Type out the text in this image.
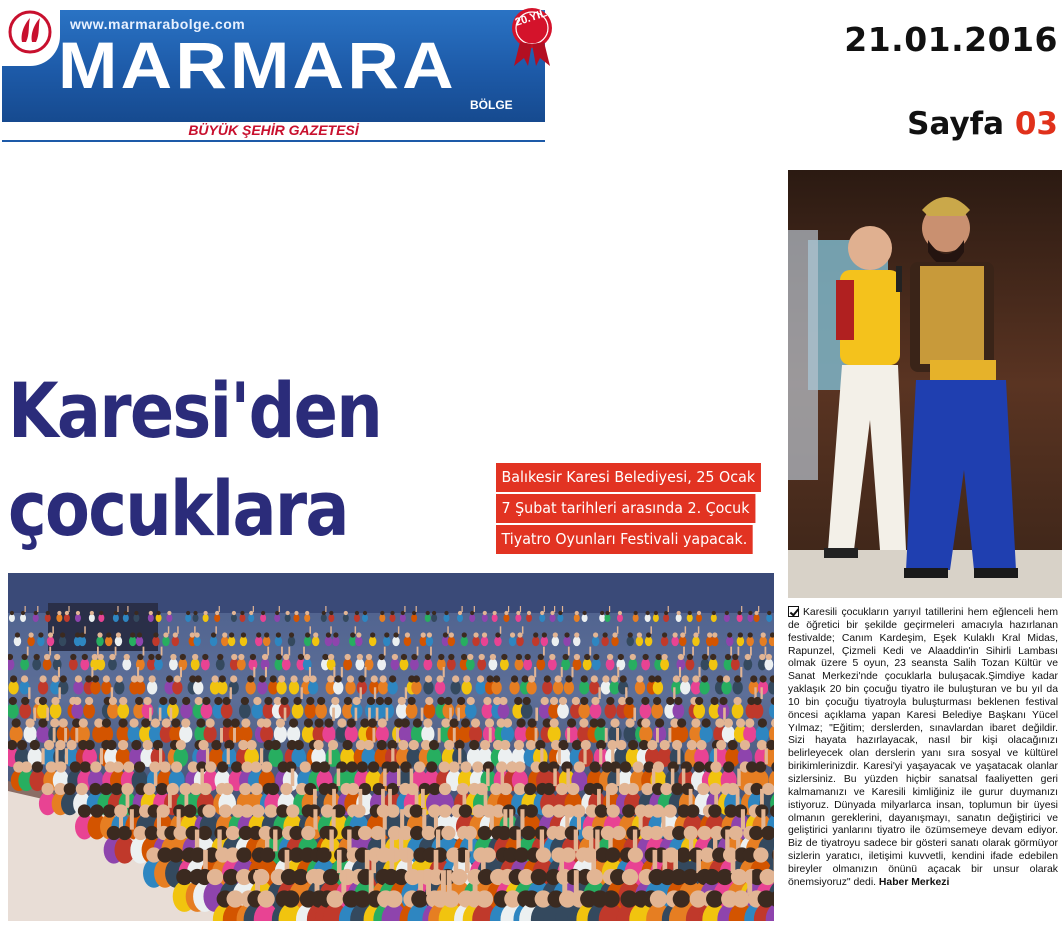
www.marmarabolge.com
MARMARA
BÖLGE
20.YIL
BÜYÜK ŞEHİR GAZETESİ
21.01.2016
Sayfa 03
Karesi'den çocuklara	Balıkesir Karesi Belediyesi, 25 Ocak
7 Şubat tarihleri arasında 2. Çocuk
Tiyatro Oyunları Festivali yapacak.
Karesili çocukların yarıyıl tatillerini hem eğlenceli hem de öğretici bir şekilde geçirmeleri amacıyla hazırlanan festivalde; Canım Kardeşim, Eşek Kulaklı Kral Midas, Rapunzel, Çizmeli Kedi ve Alaaddin'in Sihirli Lambası olmak üzere 5 oyun, 23 seansta Salih Tozan Kültür ve Sanat Merkezi'nde çocuklarla buluşacak.Şimdiye kadar yaklaşık 20 bin çocuğu tiyatro ile buluşturan ve bu yıl da 10 bin çocuğu tiyatroyla buluşturması beklenen festival öncesi açıklama yapan Karesi Belediye Başkanı Yücel Yılmaz; "Eğitim; derslerden, sınavlardan ibaret değildir. Sizi hayata hazırlayacak, nasıl bir kişi olacağınızı belirleyecek olan derslerin yanı sıra sosyal ve kültürel birikimlerinizdir. Karesi'yi yaşayacak ve yaşatacak olanlar sizlersiniz. Bu yüzden hiçbir sanatsal faaliyetten geri kalmamanızı ve Karesili kimliğiniz ile gurur duymanızı istiyoruz. Dünyada milyarlarca insan, toplumun bir üyesi olmanın gereklerini, dayanışmayı, sanatın değiştirici ve geliştirici yanlarını tiyatro ile özümsemeye devam ediyor. Biz de tiyatroyu sadece bir gösteri sanatı olarak görmüyor sizlerin yaratıcı, iletişimi kuvvetli, kendini ifade edebilen bireyler olmanızın önünü açacak bir unsur olarak önemsiyoruz" dedi. Haber Merkezi
